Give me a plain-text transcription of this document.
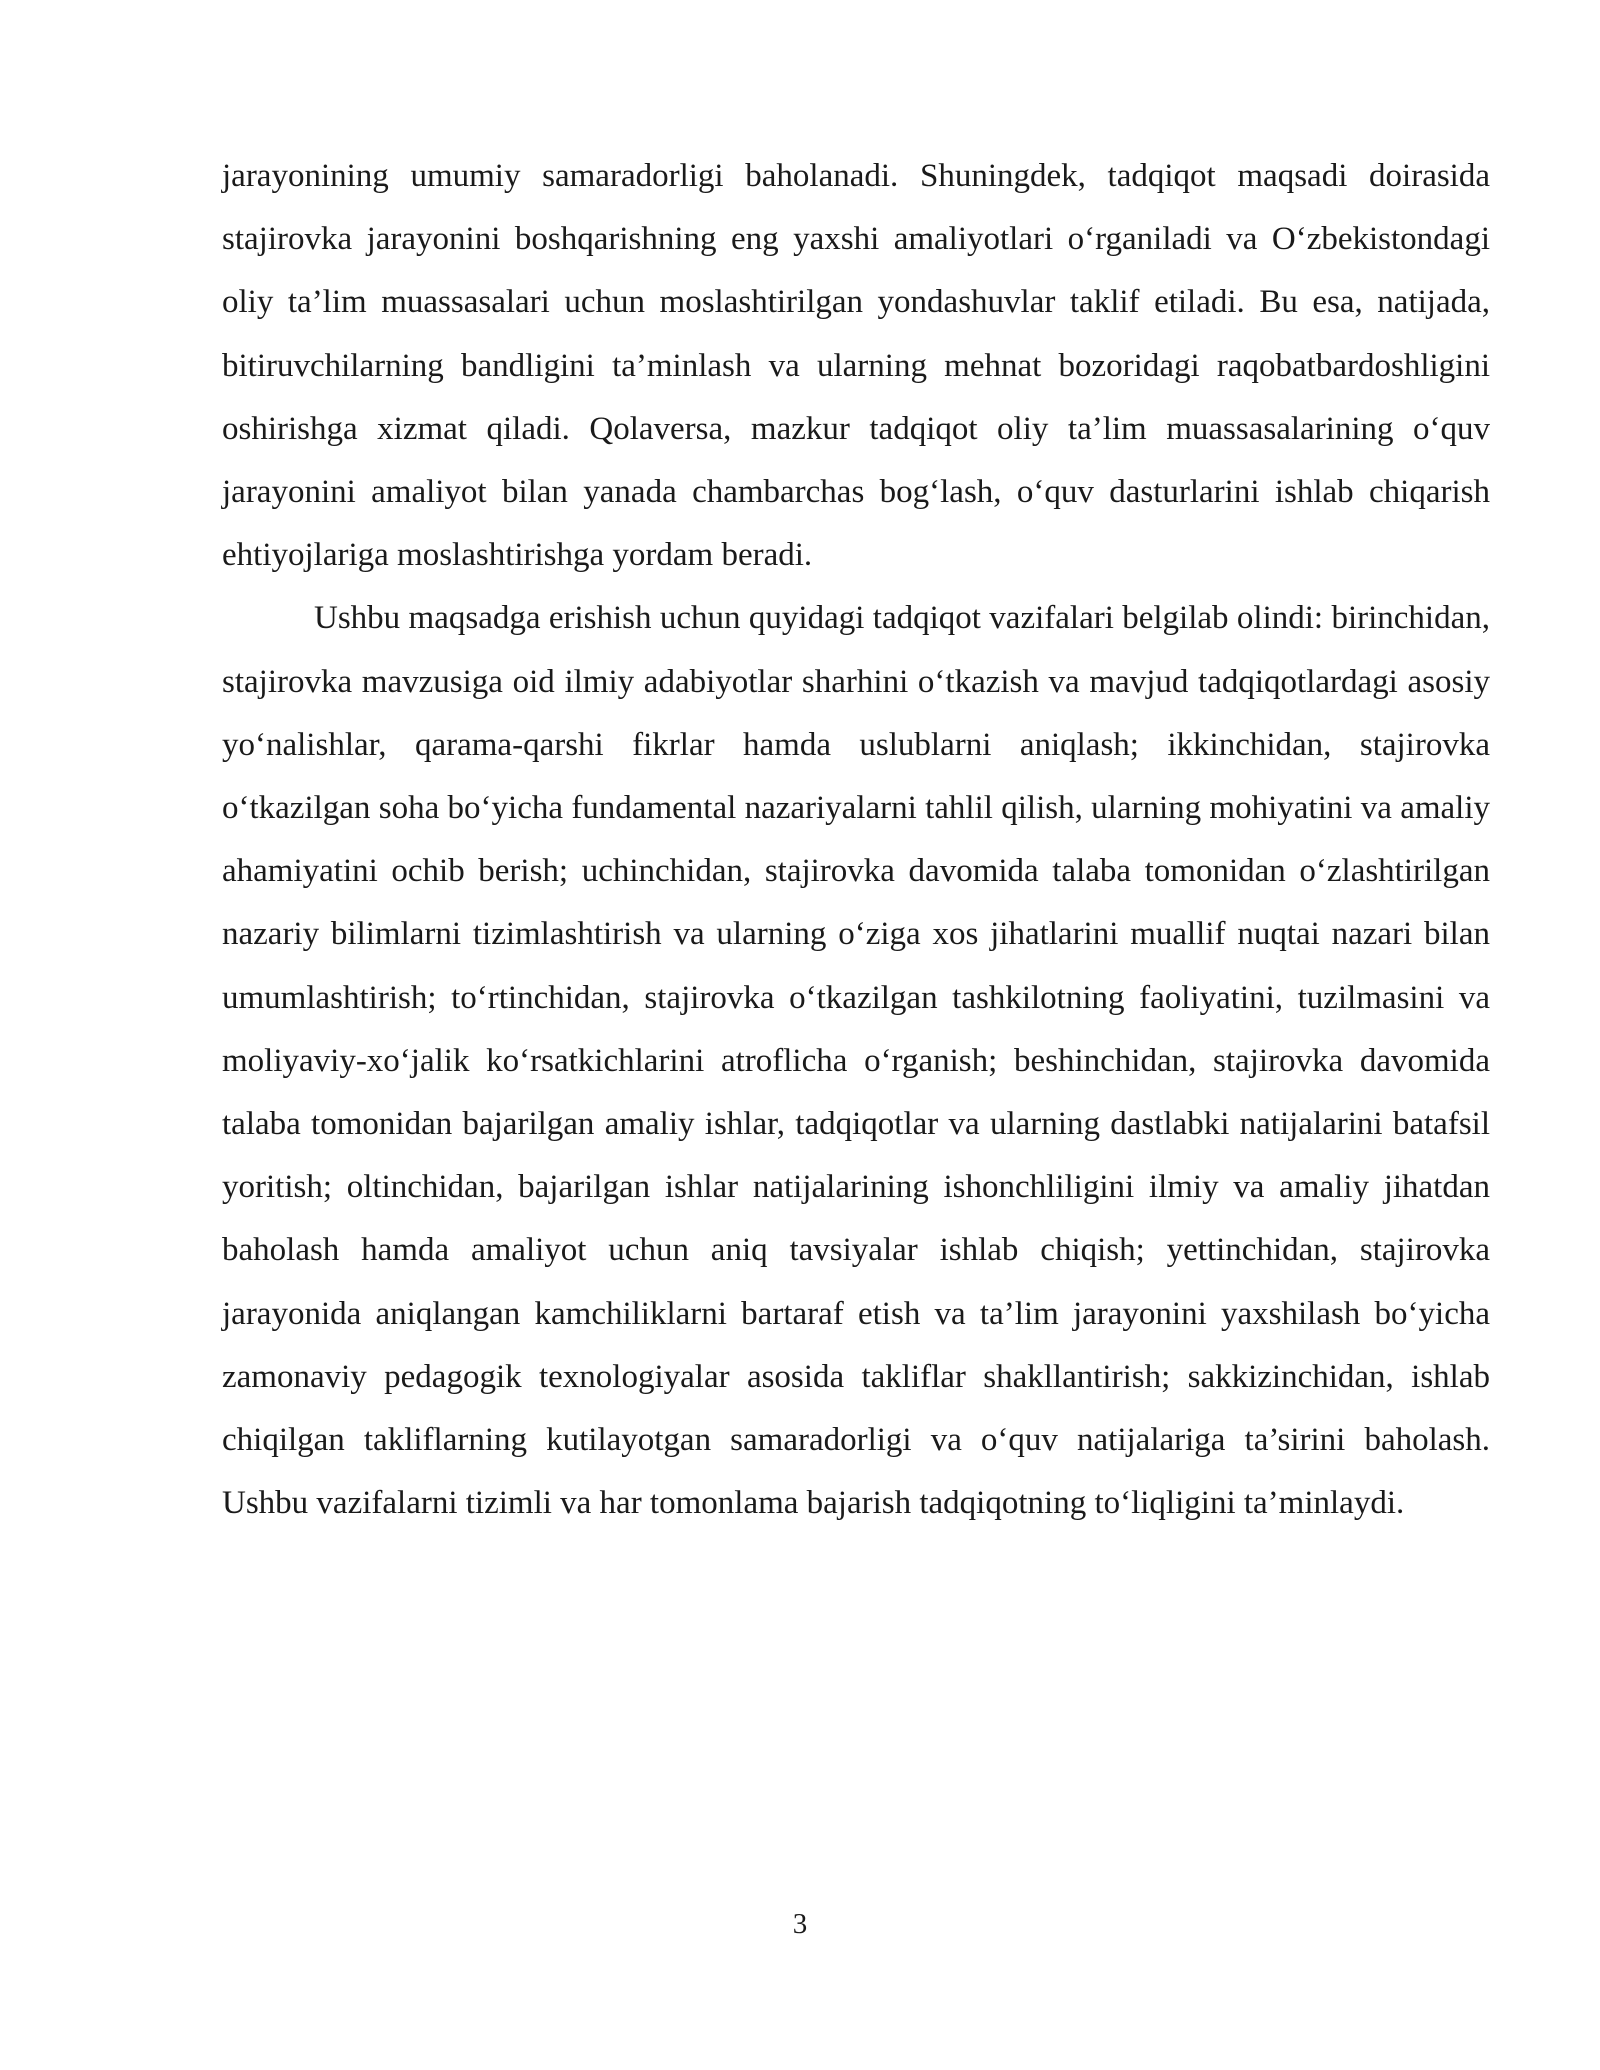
jarayonining umumiy samaradorligi baholanadi. Shuningdek, tadqiqot maqsadi doirasida stajirovka jarayonini boshqarishning eng yaxshi amaliyotlari o‘rganiladi va O‘zbekistondagi oliy ta’lim muassasalari uchun moslashtirilgan yondashuvlar taklif etiladi. Bu esa, natijada, bitiruvchilarning bandligini ta’minlash va ularning mehnat bozoridagi raqobatbardoshligini oshirishga xizmat qiladi. Qolaversa, mazkur tadqiqot oliy ta’lim muassasalarining o‘quv jarayonini amaliyot bilan yanada chambarchas bog‘lash, o‘quv dasturlarini ishlab chiqarish ehtiyojlariga moslashtirishga yordam beradi.

Ushbu maqsadga erishish uchun quyidagi tadqiqot vazifalari belgilab olindi: birinchidan, stajirovka mavzusiga oid ilmiy adabiyotlar sharhini o‘tkazish va mavjud tadqiqotlardagi asosiy yo‘nalishlar, qarama-qarshi fikrlar hamda uslublarni aniqlash; ikkinchidan, stajirovka o‘tkazilgan soha bo‘yicha fundamental nazariyalarni tahlil qilish, ularning mohiyatini va amaliy ahamiyatini ochib berish; uchinchidan, stajirovka davomida talaba tomonidan o‘zlashtirilgan nazariy bilimlarni tizimlashtirish va ularning o‘ziga xos jihatlarini muallif nuqtai nazari bilan umumlashtirish; to‘rtinchidan, stajirovka o‘tkazilgan tashkilotning faoliyatini, tuzilmasini va moliyaviy-xo‘jalik ko‘rsatkichlarini atroflicha o‘rganish; beshinchidan, stajirovka davomida talaba tomonidan bajarilgan amaliy ishlar, tadqiqotlar va ularning dastlabki natijalarini batafsil yoritish; oltinchidan, bajarilgan ishlar natijalarining ishonchliligini ilmiy va amaliy jihatdan baholash hamda amaliyot uchun aniq tavsiyalar ishlab chiqish; yettinchidan, stajirovka jarayonida aniqlangan kamchiliklarni bartaraf etish va ta’lim jarayonini yaxshilash bo‘yicha zamonaviy pedagogik texnologiyalar asosida takliflar shakllantirish; sakkizinchidan, ishlab chiqilgan takliflarning kutilayotgan samaradorligi va o‘quv natijalariga ta’sirini baholash. Ushbu vazifalarni tizimli va har tomonlama bajarish tadqiqotning to‘liqligini ta’minlaydi.

3
